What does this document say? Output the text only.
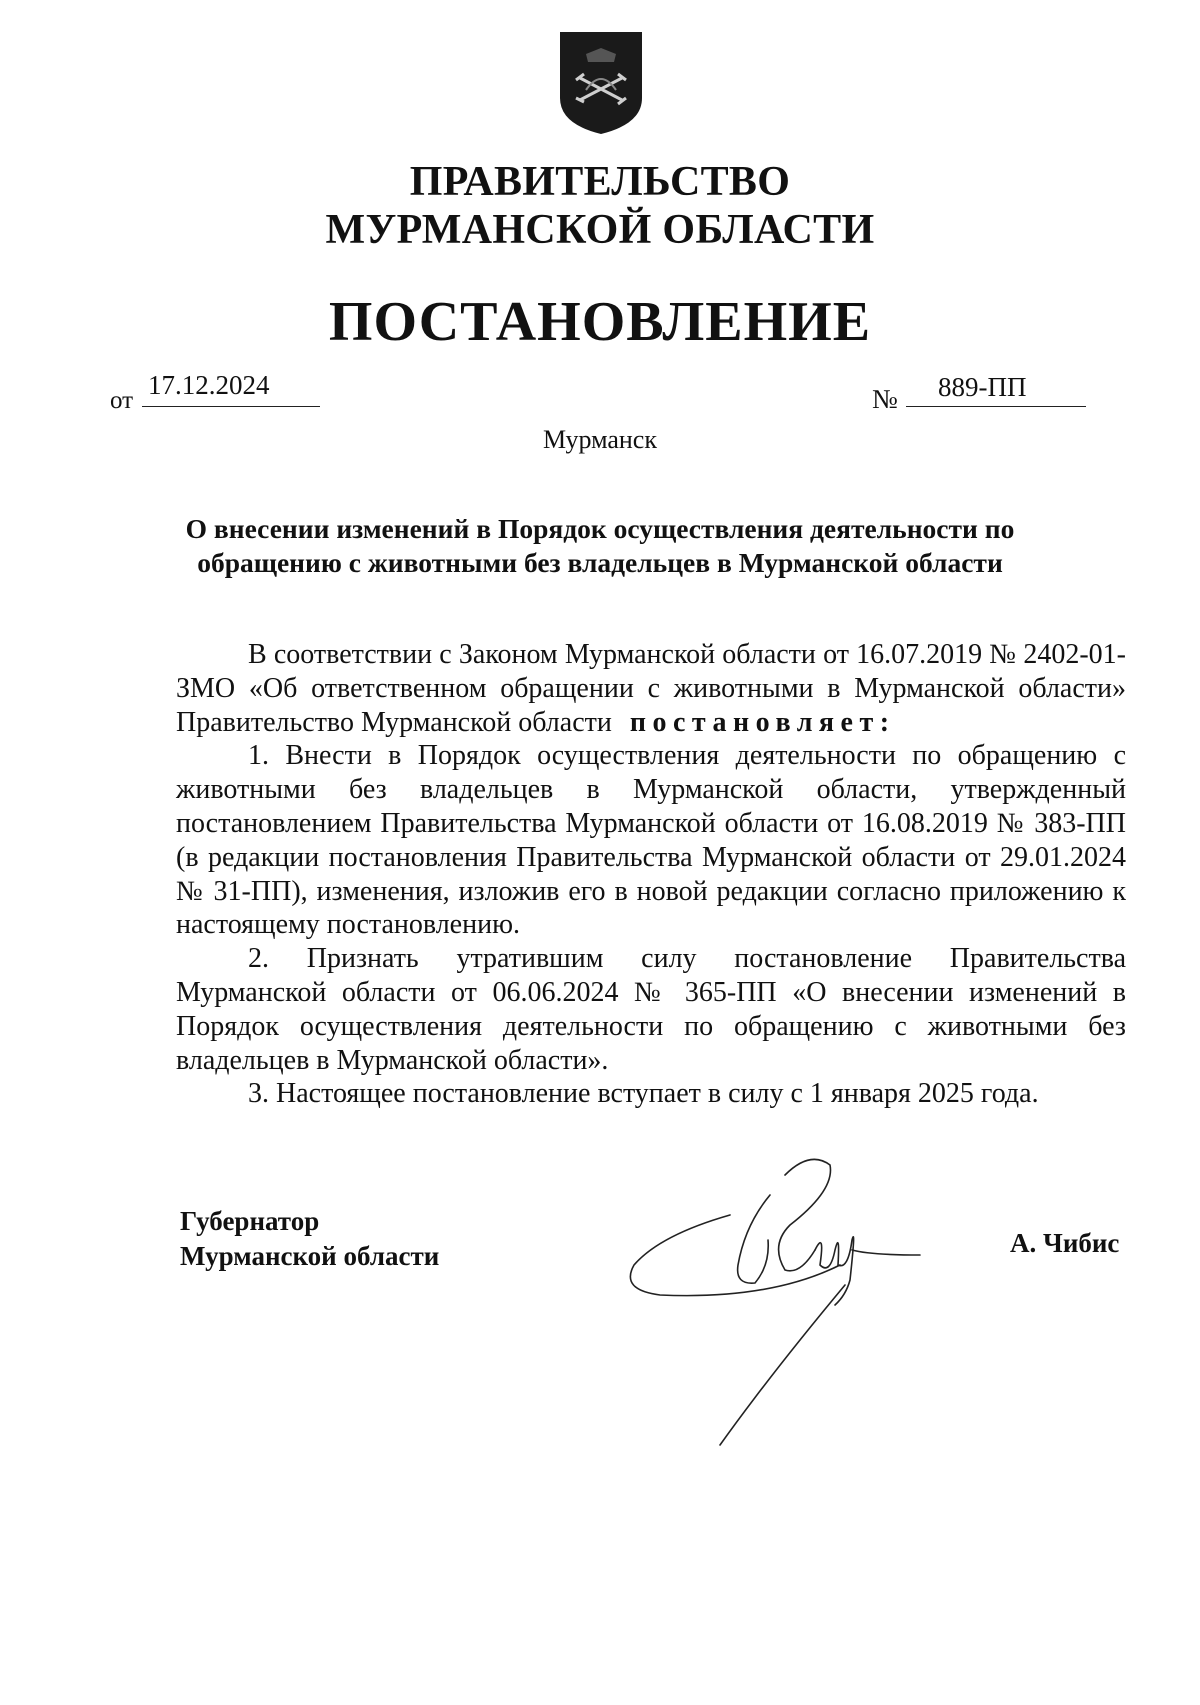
ПРАВИТЕЛЬСТВО
МУРМАНСКОЙ ОБЛАСТИ
ПОСТАНОВЛЕНИЕ
от
17.12.2024	№ 889-ПП
Мурманск
О внесении изменений в Порядок осуществления деятельности по обращению с животными без владельцев в Мурманской области

В соответствии с Законом Мурманской области от 16.07.2019 № 2402-01-ЗМО «Об ответственном обращении с животными в Мурманской области» Правительство Мурманской области постановляет:

1. Внести в Порядок осуществления деятельности по обращению с животными без владельцев в Мурманской области, утвержденный постановлением Правительства Мурманской области от 16.08.2019 № 383-ПП (в редакции постановления Правительства Мурманской области от 29.01.2024 № 31-ПП), изменения, изложив его в новой редакции согласно приложению к настоящему постановлению.

2. Признать утратившим силу постановление Правительства Мурманской области от 06.06.2024 № 365-ПП «О внесении изменений в Порядок осуществления деятельности по обращению с животными без владельцев в Мурманской области».

3. Настоящее постановление вступает в силу с 1 января 2025 года.

Губернатор
Мурманской области	А. Чибис
